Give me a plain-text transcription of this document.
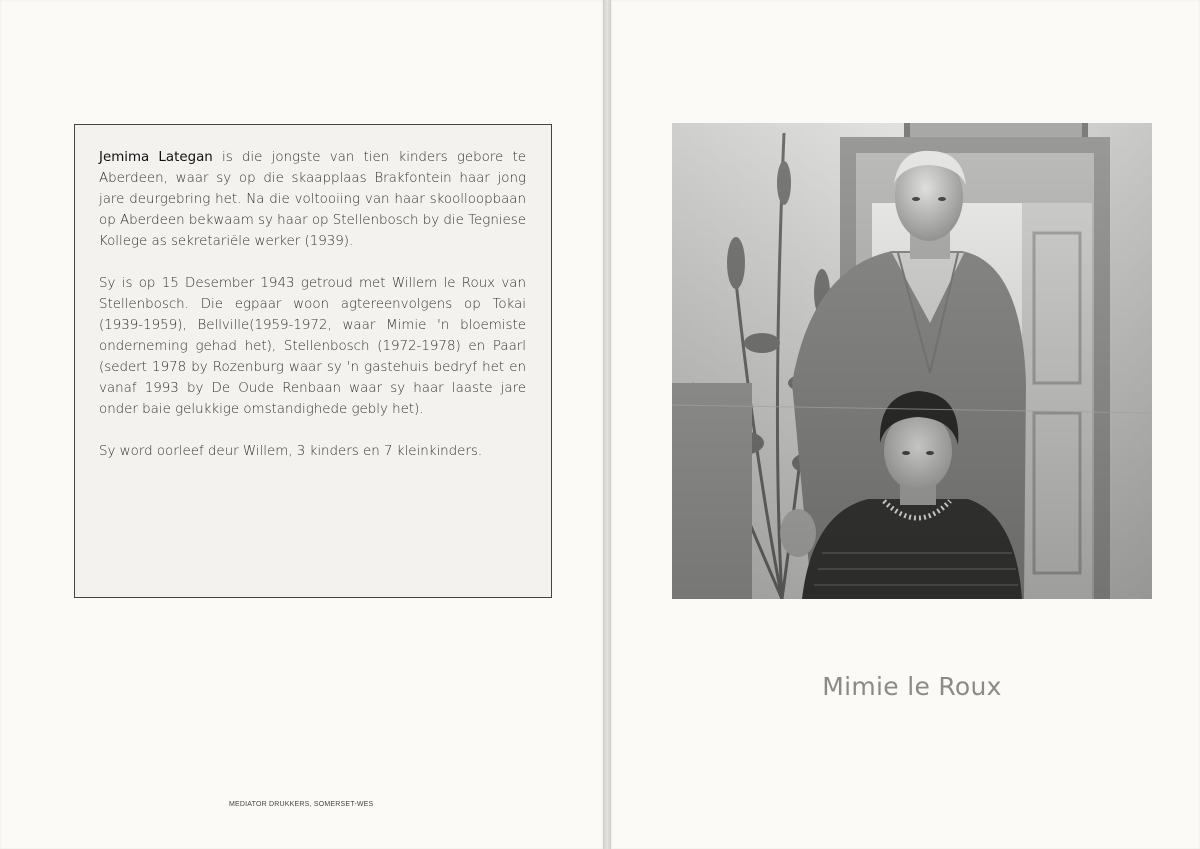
Jemima Lategan is die jongste van tien kinders gebore te Aberdeen, waar sy op die skaapplaas Brakfontein haar jong jare deurgebring het. Na die voltooiing van haar skoolloopbaan op Aberdeen bekwaam sy haar op Stellenbosch by die Tegniese Kollege as sekretariële werker (1939).

Sy is op 15 Desember 1943 getroud met Willem le Roux van Stellenbosch. Die egpaar woon agtereenvolgens op Tokai (1939-1959), Bellville(1959-1972, waar Mimie 'n bloemiste onderneming gehad het), Stellenbosch (1972-1978) en Paarl (sedert 1978 by Rozenburg waar sy 'n gastehuis bedryf het en vanaf 1993 by De Oude Renbaan waar sy haar laaste jare onder baie gelukkige omstandighede gebly het).

Sy word oorleef deur Willem, 3 kinders en 7 kleinkinders.

MEDIATOR DRUKKERS, SOMERSET-WES
Mimie le Roux
